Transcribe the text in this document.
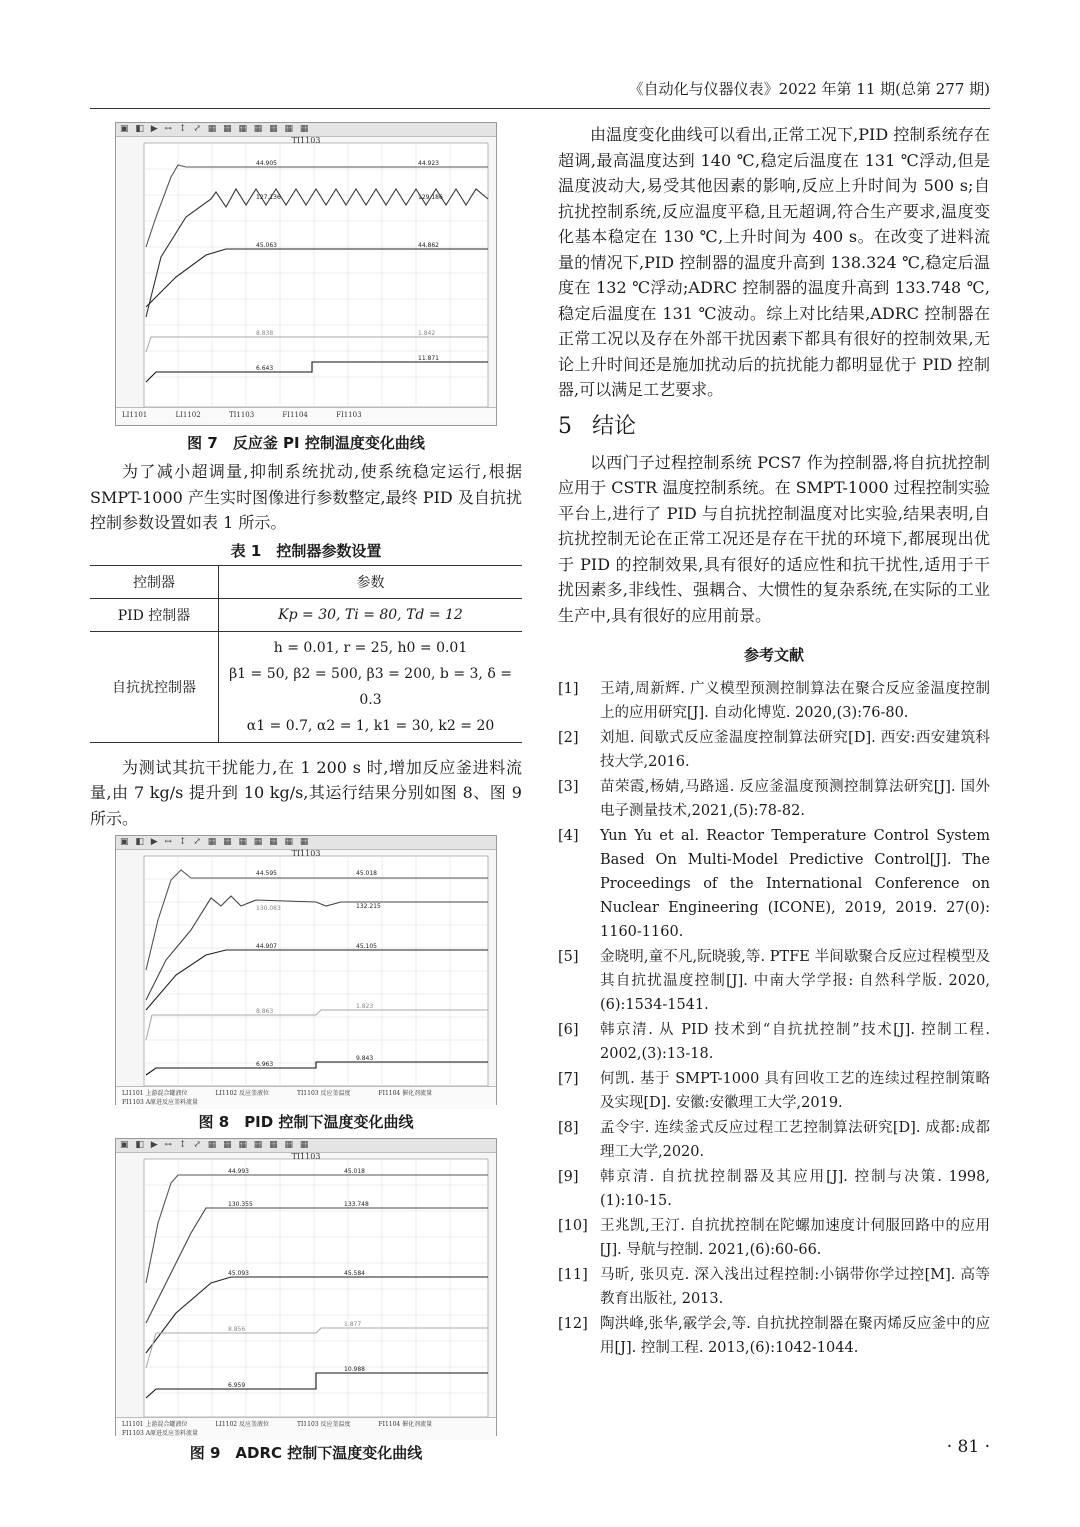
《自动化与仪器仪表》2022 年第 11 期(总第 277 期)
▣ ◧ ▶ ↔ ↕ ⤢ ▦ ▦ ▦ ▦ ▦ ▦ ▦
TI1103
44.905	44.923
127.136	129.186
45.063	44.862
8.838	1.842
6.643
11.871
LI1101	LI1102	TI1103	FI1104	FI1103
图 7　反应釜 PI 控制温度变化曲线

为了减小超调量,抑制系统扰动,使系统稳定运行,根据 SMPT-1000 产生实时图像进行参数整定,最终 PID 及自抗扰控制参数设置如表 1 所示。

表 1　控制器参数设置
控制器	参数
PID 控制器	Kp = 30, Ti = 80, Td = 12
自抗扰控制器	h = 0.01, r = 25, h0 = 0.01
β1 = 50, β2 = 500, β3 = 200, b = 3, δ = 0.3
α1 = 0.7, α2 = 1, k1 = 30, k2 = 20

为测试其抗干扰能力,在 1 200 s 时,增加反应釜进料流量,由 7 kg/s 提升到 10 kg/s,其运行结果分别如图 8、图 9 所示。

▣ ◧ ▶ ↔ ↕ ⤢ ▦ ▦ ▦ ▦ ▦ ▦ ▦
TI1103
44.595	45.018
130.083	132.215
44.907	45.105
8.863
1.823
6.963
9.843
LI1101 上游混合罐液位	LI1102 反应釜液位	TI1103 反应釜温度	FI1104 催化剂流量 FI1103 A原进反应釜料流量
图 8　PID 控制下温度变化曲线
▣ ◧ ▶ ↔ ↕ ⤢ ▦ ▦ ▦ ▦ ▦ ▦ ▦
TI1103
44.993	45.018
130.355	133.748
45.093	45.584
8.856
1.877
6.959
10.988
LI1101 上游混合罐液位	LI1102 反应釜液位	TI1103 反应釜温度	FI1104 催化剂流量 FI1103 A原进反应釜料流量
图 9　ADRC 控制下温度变化曲线

由温度变化曲线可以看出,正常工况下,PID 控制系统存在超调,最高温度达到 140 ℃,稳定后温度在 131 ℃浮动,但是温度波动大,易受其他因素的影响,反应上升时间为 500 s;自抗扰控制系统,反应温度平稳,且无超调,符合生产要求,温度变化基本稳定在 130 ℃,上升时间为 400 s。在改变了进料流量的情况下,PID 控制器的温度升高到 138.324 ℃,稳定后温度在 132 ℃浮动;ADRC 控制器的温度升高到 133.748 ℃,稳定后温度在 131 ℃波动。综上对比结果,ADRC 控制器在正常工况以及存在外部干扰因素下都具有很好的控制效果,无论上升时间还是施加扰动后的抗扰能力都明显优于 PID 控制器,可以满足工艺要求。

5 结论

以西门子过程控制系统 PCS7 作为控制器,将自抗扰控制应用于 CSTR 温度控制系统。在 SMPT-1000 过程控制实验平台上,进行了 PID 与自抗扰控制温度对比实验,结果表明,自抗扰控制无论在正常工况还是存在干扰的环境下,都展现出优于 PID 的控制效果,具有很好的适应性和抗干扰性,适用于干扰因素多,非线性、强耦合、大惯性的复杂系统,在实际的工业生产中,具有很好的应用前景。

参考文献
[1] 王靖,周新辉. 广义模型预测控制算法在聚合反应釜温度控制上的应用研究[J]. 自动化博览. 2020,(3):76-80.
[2] 刘旭. 间歇式反应釜温度控制算法研究[D]. 西安:西安建筑科技大学,2016.
[3] 苗荣霞,杨婧,马路遥. 反应釜温度预测控制算法研究[J]. 国外电子测量技术,2021,(5):78-82.
[4] Yun Yu et al. Reactor Temperature Control System Based On Multi-Model Predictive Control[J]. The Proceedings of the International Conference on Nuclear Engineering (ICONE), 2019, 2019. 27(0): 1160-1160.
[5] 金晓明,童不凡,阮晓骏,等. PTFE 半间歇聚合反应过程模型及其自抗扰温度控制[J]. 中南大学学报: 自然科学版. 2020,(6):1534-1541.
[6] 韩京清. 从 PID 技术到“自抗扰控制”技术[J]. 控制工程. 2002,(3):13-18.
[7] 何凯. 基于 SMPT-1000 具有回收工艺的连续过程控制策略及实现[D]. 安徽:安徽理工大学,2019.
[8] 孟令宇. 连续釜式反应过程工艺控制算法研究[D]. 成都:成都理工大学,2020.
[9] 韩京清. 自抗扰控制器及其应用[J]. 控制与决策. 1998,(1):10-15.
[10] 王兆凯,王汀. 自抗扰控制在陀螺加速度计伺服回路中的应用[J]. 导航与控制. 2021,(6):60-66.
[11] 马昕, 张贝克. 深入浅出过程控制:小锅带你学过控[M]. 高等教育出版社, 2013.
[12] 陶洪峰,张华,霰学会,等. 自抗扰控制器在聚丙烯反应釜中的应用[J]. 控制工程. 2013,(6):1042-1044.
· 81 ·
